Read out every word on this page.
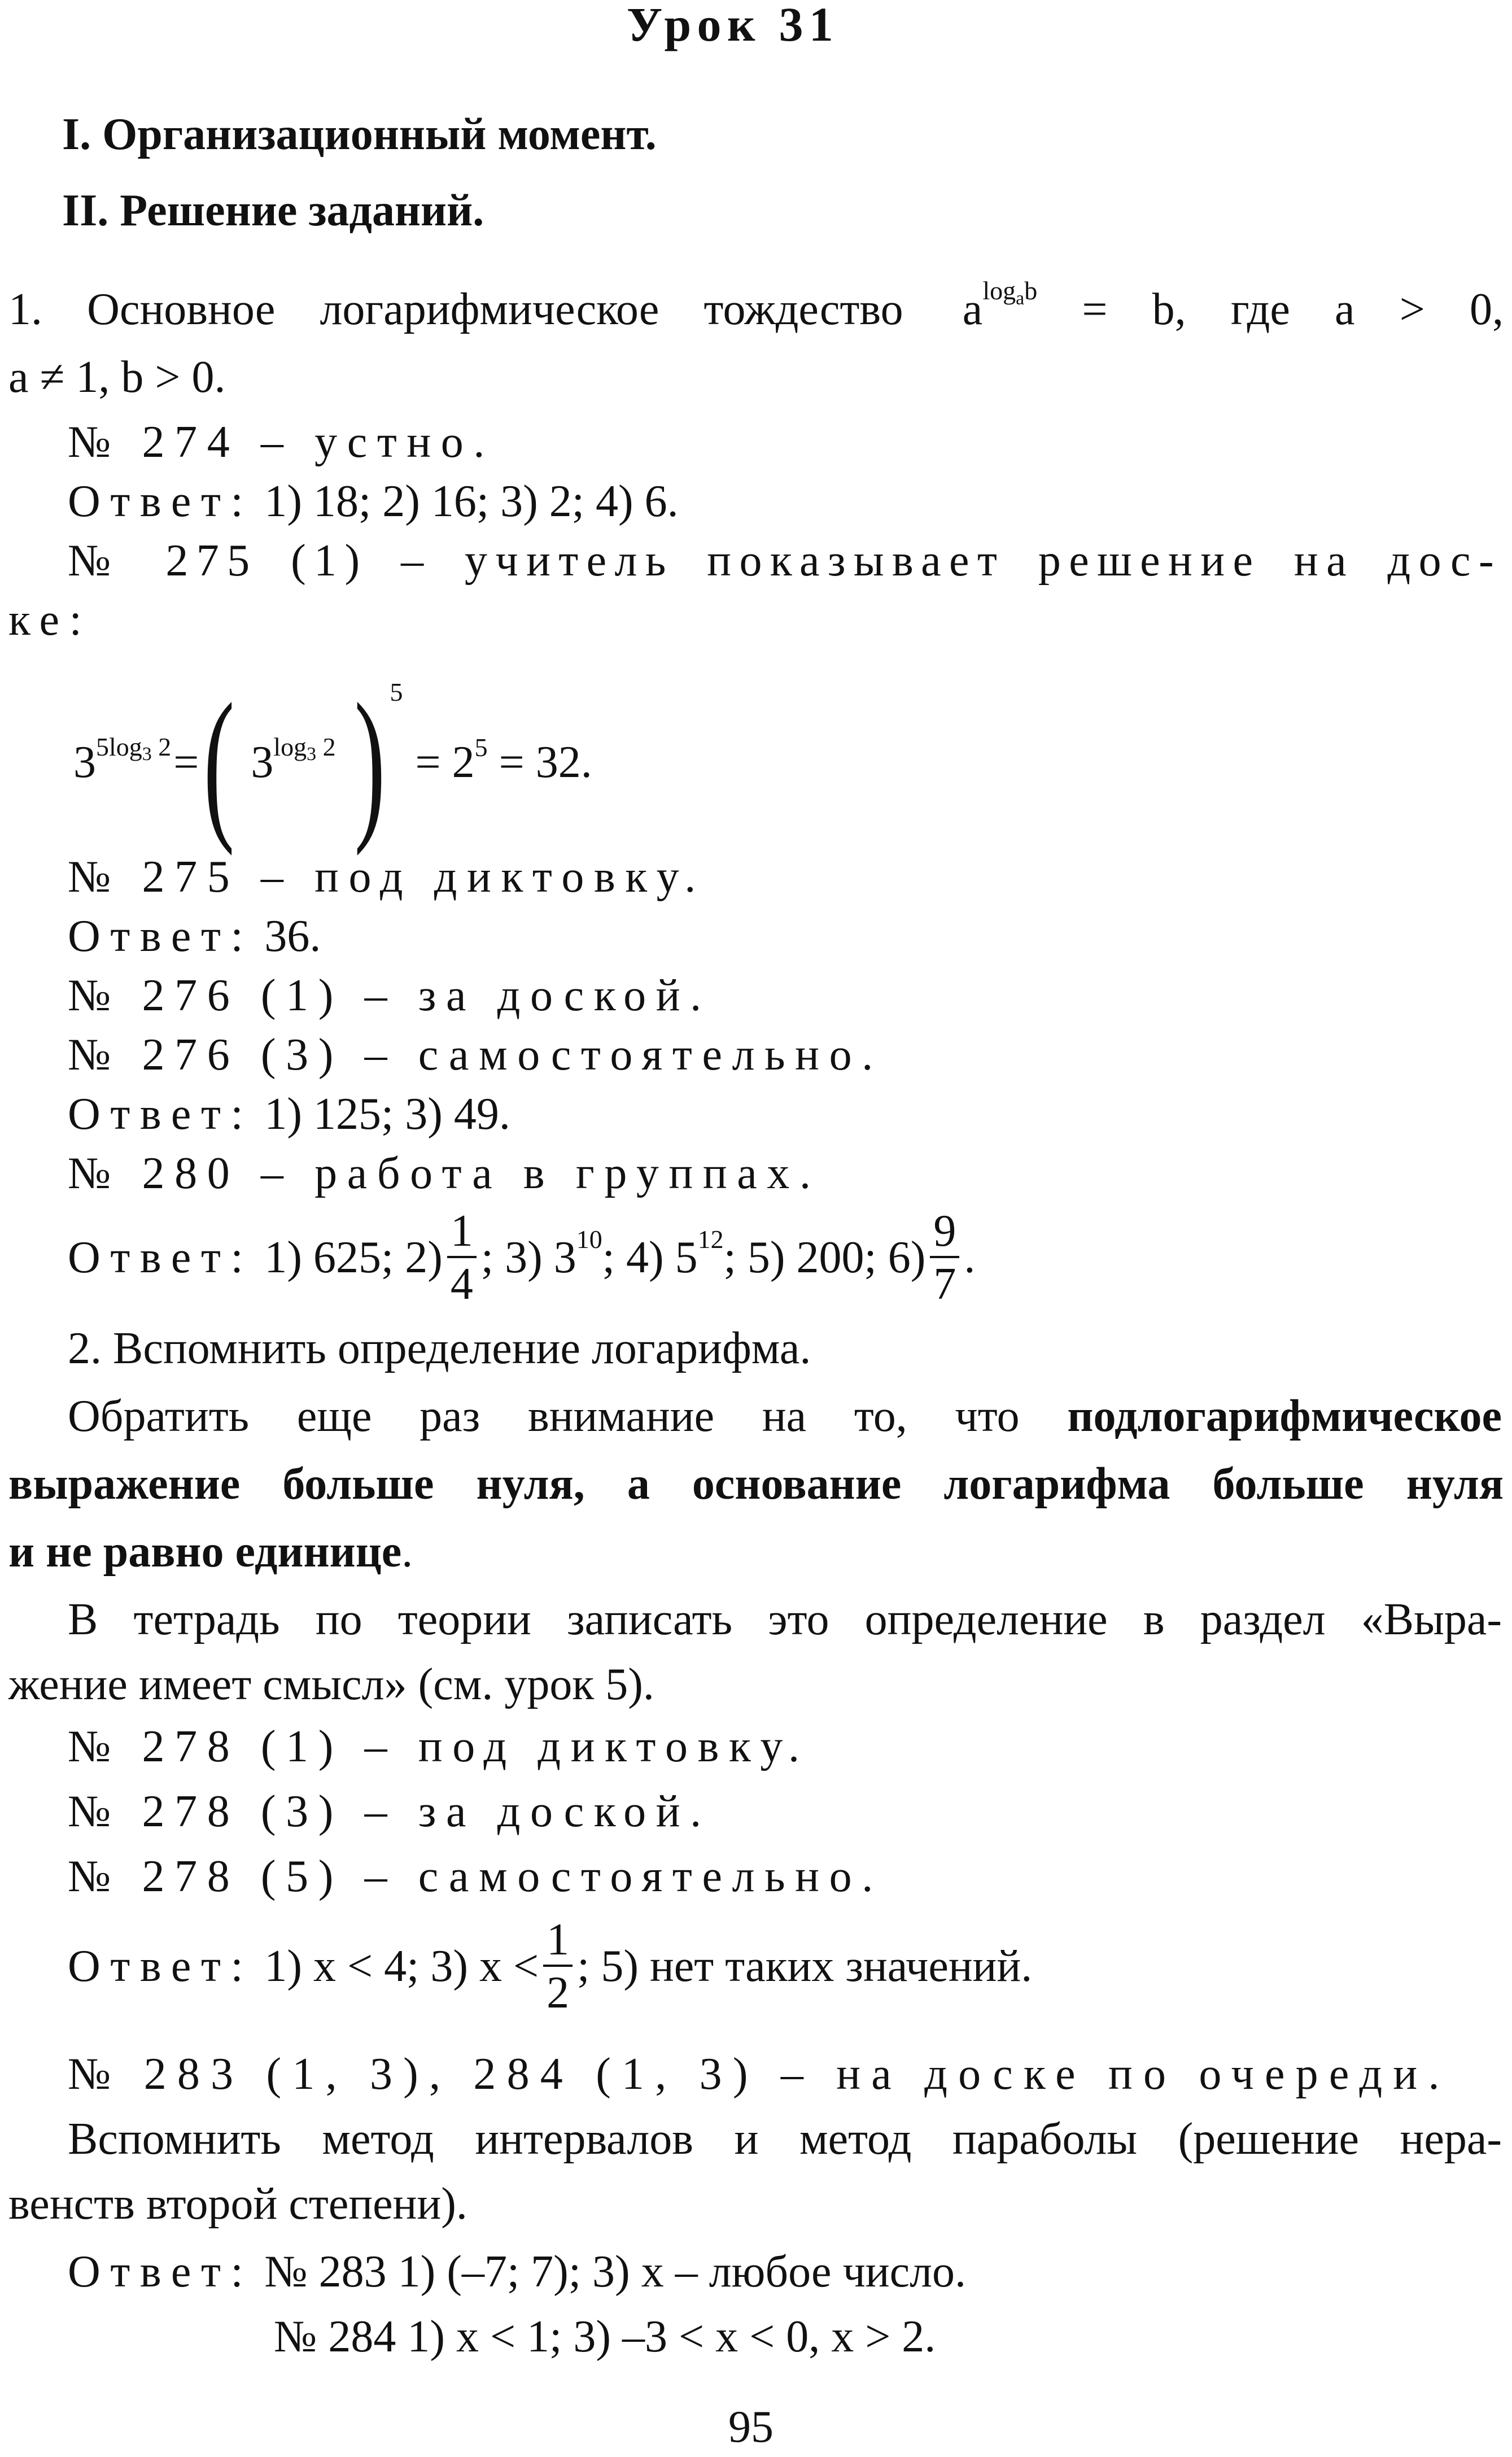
Урок 31
I. Организационный момент.
II. Решение заданий.
1. Основное логарифмическое тождество $a^{logab} = b$, где a > 0,
a ≠ 1, b > 0.
№ 274 – устно.
Ответ: 1) 18; 2) 16; 3) 2; 4) 6.
№ 275 (1) – учитель показывает решение на дос-
ке:
3 5log3 2 = ( 3 log3 2 ) 5
= $2^5 = 32$.
№ 275 – под диктовку.
Ответ: 36.
№ 276 (1) – за доской.
№ 276 (3) – самостоятельно.
Ответ: 1) 125; 3) 49.
№ 280 – работа в группах.
Ответ:
1) 625; $2) \frac{1}{4}$ ; 3) 3 10 ; 4) 5 12 ; 5) 200; $6) \frac{9}{7}$ .
2. Вспомнить определение логарифма.
Обратить еще раз внимание на то, что подлогарифмическое
выражение больше нуля, а основание логарифма больше нуля
и не равно единице.
В тетрадь по теории записать это определение в раздел «Выра-
жение имеет смысл» (см. урок 5).
№ 278 (1) – под диктовку.
№ 278 (3) – за доской.
№ 278 (5) – самостоятельно.
Ответ:
1) x < 4; 3) $x < \frac{1}{2}$ ; 5) нет таких значений.
№ 283 (1, 3), 284 (1, 3) – на доске по очереди.
Вспомнить метод интервалов и метод параболы (решение нера-
венств второй степени).
Ответ: № 283 1) (–7; 7); 3) x – любое число.
№ 284 1) x < 1; 3) –3 < x < 0, x > 2.
95
